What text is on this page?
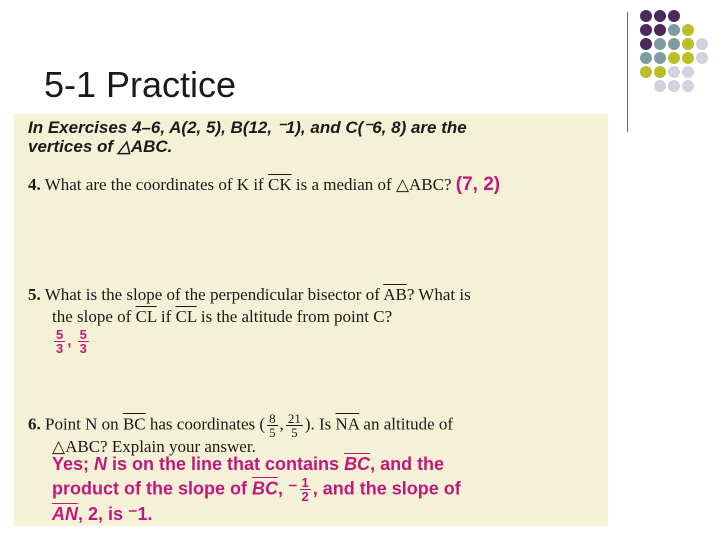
5-1 Practice
In Exercises 4–6, A(2, 5), B(12, ⁻1), and C(⁻6, 8) are the
vertices of △ABC.
4. What are the coordinates of K if $\overline{CK}$ is a median of △ABC? (7, 2)
5. What is the slope of the perpendicular bisector of $\overline{AB}$? What is
the slope of $\overline{CL}$ if $\overline{CL}$ is the altitude from point C?
$\frac{5}{3}$ , $\frac{5}{3}$
6. Point N on $\overline{BC}$ has coordinates ( $\frac{8}{5}$ , $\frac{21}{5}$ ). Is $\overline{NA}$ an altitude of
△ABC? Explain your answer.
Yes; N is on the line that contains $\overline{BC}$, and the
product of the slope of $\overline{BC}$, ⁻ $\frac{1}{2}$ , and the slope of
$\overline{AN}$, 2, is ⁻1.
